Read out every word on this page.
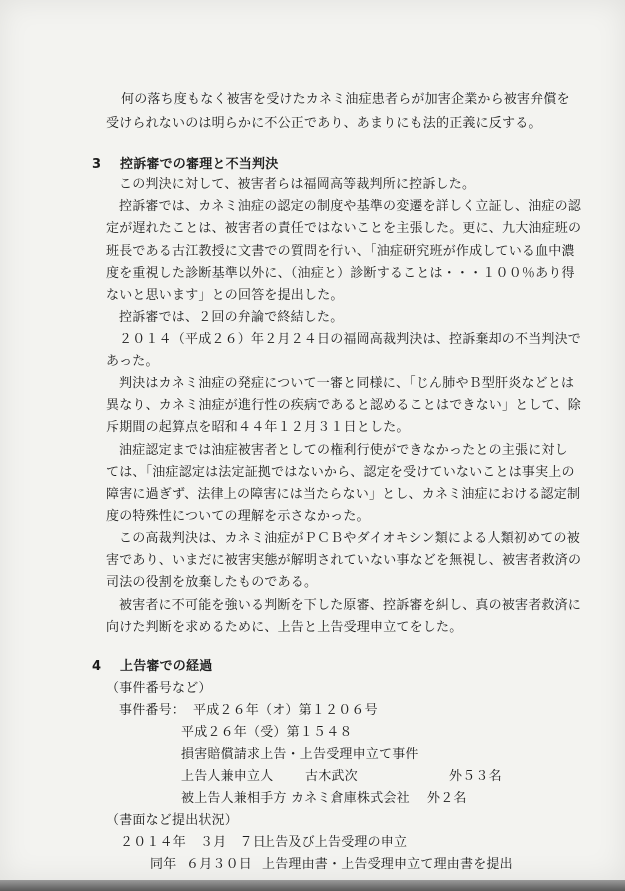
何の落ち度もなく被害を受けたカネミ油症患者らが加害企業から被害弁償を
受けられないのは明らかに不公正であり、あまりにも法的正義に反する。
3 控訴審での審理と不当判決
この判決に対して、被害者らは福岡高等裁判所に控訴した。
控訴審では、カネミ油症の認定の制度や基準の変遷を詳しく立証し、油症の認
定が遅れたことは、被害者の責任ではないことを主張した。更に、九大油症班の
班長である古江教授に文書での質問を行い、「油症研究班が作成している血中濃
度を重視した診断基準以外に、（油症と）診断することは・・・１００％あり得
ないと思います」との回答を提出した。
控訴審では、２回の弁論で終結した。
２０１４（平成２６）年２月２４日の福岡高裁判決は、控訴棄却の不当判決で
あった。
判決はカネミ油症の発症について一審と同様に、「じん肺やＢ型肝炎などとは
異なり、カネミ油症が進行性の疾病であると認めることはできない」として、除
斥期間の起算点を昭和４４年１２月３１日とした。
油症認定までは油症被害者としての権利行使ができなかったとの主張に対し
ては、「油症認定は法定証拠ではないから、認定を受けていないことは事実上の
障害に過ぎず、法律上の障害には当たらない」とし、カネミ油症における認定制
度の特殊性についての理解を示さなかった。
この高裁判決は、カネミ油症がＰＣＢやダイオキシン類による人類初めての被
害であり、いまだに被害実態が解明されていない事などを無視し、被害者救済の
司法の役割を放棄したものである。
被害者に不可能を強いる判断を下した原審、控訴審を糾し、真の被害者救済に
向けた判断を求めるために、上告と上告受理申立てをした。
4 上告審での経過
（事件番号など）
事件番号： 平成２６年（オ）第１２０６号
平成２６年（受）第１５４８
損害賠償請求上告・上告受理申立て事件
上告人兼申立人 古木武次	外５３名
被上告人兼相手方 カネミ倉庫株式会社 外２名
（書面など提出状況）
２０１４年 ３月　７日
上告及び上告受理の申立
同年 ６月３０日 上告理由書・上告受理申立て理由書を提出
